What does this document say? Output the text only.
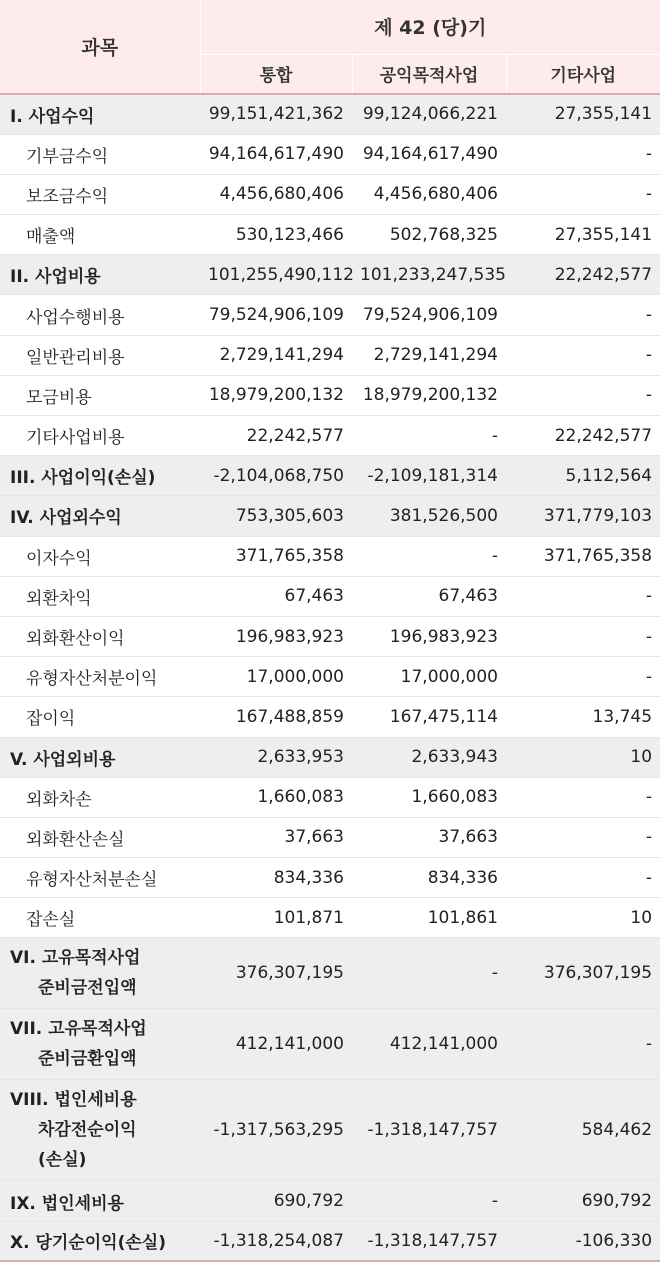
과목	제 42 (당)기		
	통합	공익목적사업	기타사업
I. 사업수익	99,151,421,362	99,124,066,221	27,355,141
기부금수익	94,164,617,490	94,164,617,490	-
보조금수익	4,456,680,406	4,456,680,406	-
매출액	530,123,466	502,768,325	27,355,141
II. 사업비용	101,255,490,112	101,233,247,535	22,242,577
사업수행비용	79,524,906,109	79,524,906,109	-
일반관리비용	2,729,141,294	2,729,141,294	-
모금비용	18,979,200,132	18,979,200,132	-
기타사업비용	22,242,577	-	22,242,577
III. 사업이익(손실)	-2,104,068,750	-2,109,181,314	5,112,564
IV. 사업외수익	753,305,603	381,526,500	371,779,103
이자수익	371,765,358	-	371,765,358
외환차익	67,463	67,463	-
외화환산이익	196,983,923	196,983,923	-
유형자산처분이익	17,000,000	17,000,000	-
잡이익	167,488,859	167,475,114	13,745
V. 사업외비용	2,633,953	2,633,943	10
외화차손	1,660,083	1,660,083	-
외화환산손실	37,663	37,663	-
유형자산처분손실	834,336	834,336	-
잡손실	101,871	101,861	10

VI. 고유목적사업
준비금전입액	376,307,195	-	376,307,195

VII. 고유목적사업
준비금환입액	412,141,000	412,141,000	-

VIII. 법인세비용
차감전순이익
(손실)	-1,317,563,295	-1,318,147,757	584,462
IX. 법인세비용	690,792	-	690,792
X. 당기순이익(손실)	-1,318,254,087	-1,318,147,757	-106,330
